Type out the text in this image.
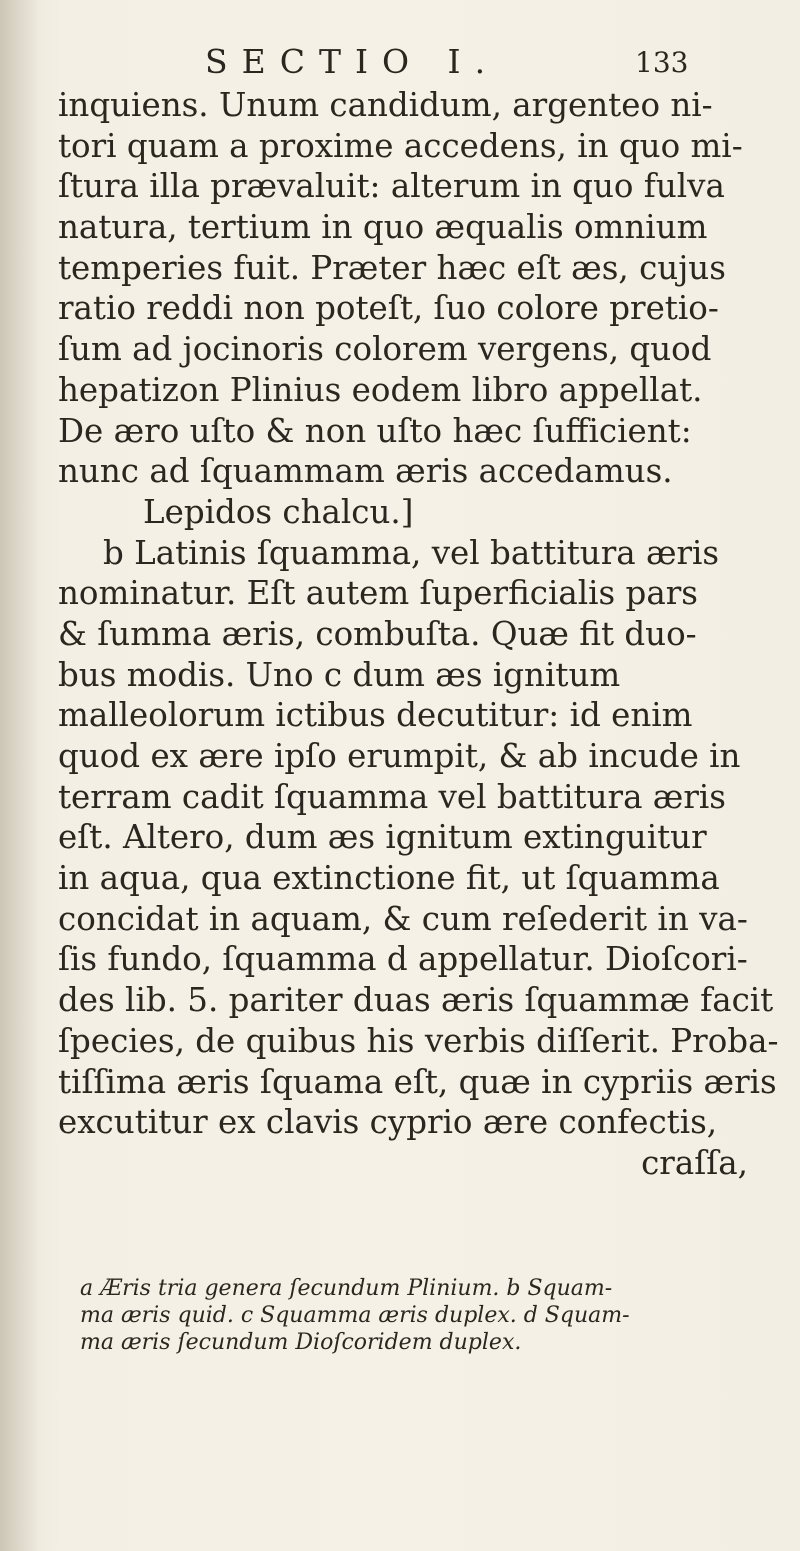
SECTIO I.	133
inquiens. Unum candidum, argenteo ni-
tori quam a proxime accedens, in quo mi-
ſtura illa prævaluit: alterum in quo fulva
natura, tertium in quo æqualis omnium
temperies fuit. Præter hæc eſt æs, cujus
ratio reddi non poteſt, ſuo colore pretio-
ſum ad jocinoris colorem vergens, quod
hepatizon Plinius eodem libro appellat.
De æro uſto & non uſto hæc ſufficient:
nunc ad ſquammam æris accedamus.
Lepidos chalcu.]
b Latinis ſquamma, vel battitura æris
nominatur. Eſt autem ſuperficialis pars
& ſumma æris, combuſta. Quæ fit duo-
bus modis. Uno c dum æs ignitum
malleolorum ictibus decutitur: id enim
quod ex ære ipſo erumpit, & ab incude in
terram cadit ſquamma vel battitura æris
eſt. Altero, dum æs ignitum extinguitur
in aqua, qua extinctione fit, ut ſquamma
concidat in aquam, & cum reſederit in va-
ſis fundo, ſquamma d appellatur. Dioſcori-
des lib. 5. pariter duas æris ſquammæ facit
ſpecies, de quibus his verbis diſſerit. Proba-
tiſſima æris ſquama eſt, quæ in cypriis æris
excutitur ex clavis cyprio ære confectis,
craſſa,
a Æris tria genera ſecundum Plinium. b Squam-
ma æris quid. c Squamma æris duplex. d Squam-
ma æris ſecundum Dioſcoridem duplex.
